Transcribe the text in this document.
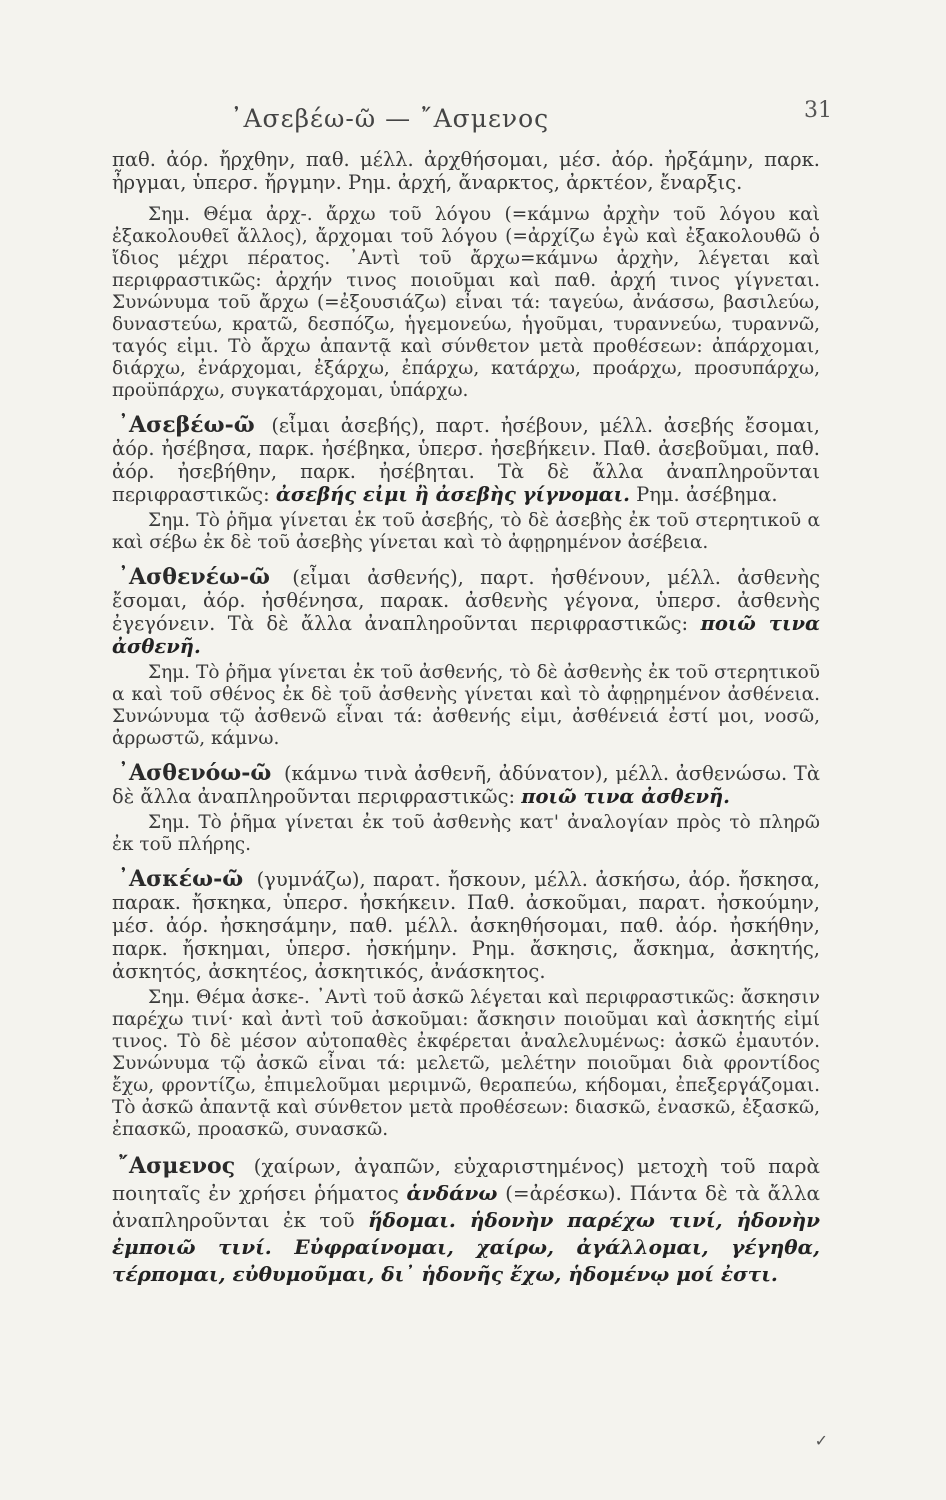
᾿Ασεβέω-ῶ — ῎Ασμενος	31

παθ. ἀόρ. ἤρχθην, παθ. μέλλ. ἀρχθήσομαι, μέσ. ἀόρ. ἠρξάμην, παρκ. ἦργμαι, ὑπερσ. ἤργμην. Ρημ. ἀρχή, ἄναρκτος, ἀρκτέον, ἔναρξις.

Σημ. Θέμα ἀρχ-. ἄρχω τοῦ λόγου (=κάμνω ἀρχὴν τοῦ λόγου καὶ ἐξακολουθεῖ ἄλλος), ἄρχομαι τοῦ λόγου (=ἀρχίζω ἐγὼ καὶ ἐξακολουθῶ ὁ ἴδιος μέχρι πέρατος. ᾿Αντὶ τοῦ ἄρχω=κάμνω ἀρχὴν, λέγεται καὶ περιφραστικῶς: ἀρχήν τινος ποιοῦμαι καὶ παθ. ἀρχή τινος γίγνεται. Συνώνυμα τοῦ ἄρχω (=ἐξουσιάζω) εἶναι τά: ταγεύω, ἀνάσσω, βασιλεύω, δυναστεύω, κρατῶ, δεσπόζω, ἡγεμονεύω, ἡγοῦμαι, τυραννεύω, τυραννῶ, ταγός εἰμι. Τὸ ἄρχω ἀπαντᾷ καὶ σύνθετον μετὰ προθέσεων: ἀπάρχομαι, διάρχω, ἐνάρχομαι, ἐξάρχω, ἐπάρχω, κατάρχω, προάρχω, προσυπάρχω, προϋπάρχω, συγκατάρχομαι, ὑπάρχω.

᾿Ασεβέω-ῶ (εἶμαι ἀσεβής), παρτ. ἠσέβουν, μέλλ. ἀσεβής ἔσομαι, ἀόρ. ἠσέβησα, παρκ. ἠσέβηκα, ὑπερσ. ἠσεβήκειν. Παθ. ἀσεβοῦμαι, παθ. ἀόρ. ἠσεβήθην, παρκ. ἠσέβηται. Τὰ δὲ ἄλλα ἀναπληροῦνται περιφραστικῶς: ἀσεβής εἰμι ἢ ἀσεβὴς γίγνομαι. Ρημ. ἀσέβημα.

Σημ. Τὸ ῥῆμα γίνεται ἐκ τοῦ ἀσεβής, τὸ δὲ ἀσεβὴς ἐκ τοῦ στερητικοῦ α καὶ σέβω ἐκ δὲ τοῦ ἀσεβὴς γίνεται καὶ τὸ ἀφῃρημένον ἀσέβεια.

᾿Ασθενέω-ῶ (εἶμαι ἀσθενής), παρτ. ἠσθένουν, μέλλ. ἀσθενὴς ἔσομαι, ἀόρ. ἠσθένησα, παρακ. ἀσθενὴς γέγονα, ὑπερσ. ἀσθενὴς ἐγεγόνειν. Τὰ δὲ ἄλλα ἀναπληροῦνται περιφραστικῶς: ποιῶ τινα ἀσθενῆ.

Σημ. Τὸ ῥῆμα γίνεται ἐκ τοῦ ἀσθενής, τὸ δὲ ἀσθενὴς ἐκ τοῦ στερητικοῦ α καὶ τοῦ σθένος ἐκ δὲ τοῦ ἀσθενὴς γίνεται καὶ τὸ ἀφῃρημένον ἀσθένεια. Συνώνυμα τῷ ἀσθενῶ εἶναι τά: ἀσθενής εἰμι, ἀσθένειά ἐστί μοι, νοσῶ, ἀρρωστῶ, κάμνω.

᾿Ασθενόω-ῶ (κάμνω τινὰ ἀσθενῆ, ἀδύνατον), μέλλ. ἀσθενώσω. Τὰ δὲ ἄλλα ἀναπληροῦνται περιφραστικῶς: ποιῶ τινα ἀσθενῆ.

Σημ. Τὸ ῥῆμα γίνεται ἐκ τοῦ ἀσθενὴς κατ' ἀναλογίαν πρὸς τὸ πληρῶ ἐκ τοῦ πλήρης.

᾿Ασκέω-ῶ (γυμνάζω), παρατ. ἤσκουν, μέλλ. ἀσκήσω, ἀόρ. ἤσκησα, παρακ. ἤσκηκα, ὑπερσ. ἠσκήκειν. Παθ. ἀσκοῦμαι, παρατ. ἠσκούμην, μέσ. ἀόρ. ἠσκησάμην, παθ. μέλλ. ἀσκηθήσομαι, παθ. ἀόρ. ἠσκήθην, παρκ. ἤσκημαι, ὑπερσ. ἠσκήμην. Ρημ. ἄσκησις, ἄσκημα, ἀσκητής, ἀσκητός, ἀσκητέος, ἀσκητικός, ἀνάσκητος.

Σημ. Θέμα ἀσκε-. ᾿Αντὶ τοῦ ἀσκῶ λέγεται καὶ περιφραστικῶς: ἄσκησιν παρέχω τινί· καὶ ἀντὶ τοῦ ἀσκοῦμαι: ἄσκησιν ποιοῦμαι καὶ ἀσκητής εἰμί τινος. Τὸ δὲ μέσον αὐτοπαθὲς ἐκφέρεται ἀναλελυμένως: ἀσκῶ ἐμαυτόν. Συνώνυμα τῷ ἀσκῶ εἶναι τά: μελετῶ, μελέτην ποιοῦμαι διὰ φροντίδος ἔχω, φροντίζω, ἐπιμελοῦμαι μεριμνῶ, θεραπεύω, κήδομαι, ἐπεξεργάζομαι. Τὸ ἀσκῶ ἀπαντᾷ καὶ σύνθετον μετὰ προθέσεων: διασκῶ, ἐνασκῶ, ἐξασκῶ, ἐπασκῶ, προασκῶ, συνασκῶ.

῎Ασμενος (χαίρων, ἀγαπῶν, εὐχαριστημένος) μετοχὴ τοῦ παρὰ ποιηταῖς ἐν χρήσει ῥήματος ἁνδάνω (=ἀρέσκω). Πάντα δὲ τὰ ἄλλα ἀναπληροῦνται ἐκ τοῦ ἥδομαι. ἡδονὴν παρέχω τινί, ἡδονὴν ἐμποιῶ τινί. Εὐφραίνομαι, χαίρω, ἀγάλλομαι, γέγηθα, τέρπομαι, εὐθυμοῦμαι, δι᾿ ἡδονῆς ἔχω, ἡδομένῳ μοί ἐστι.

✓
